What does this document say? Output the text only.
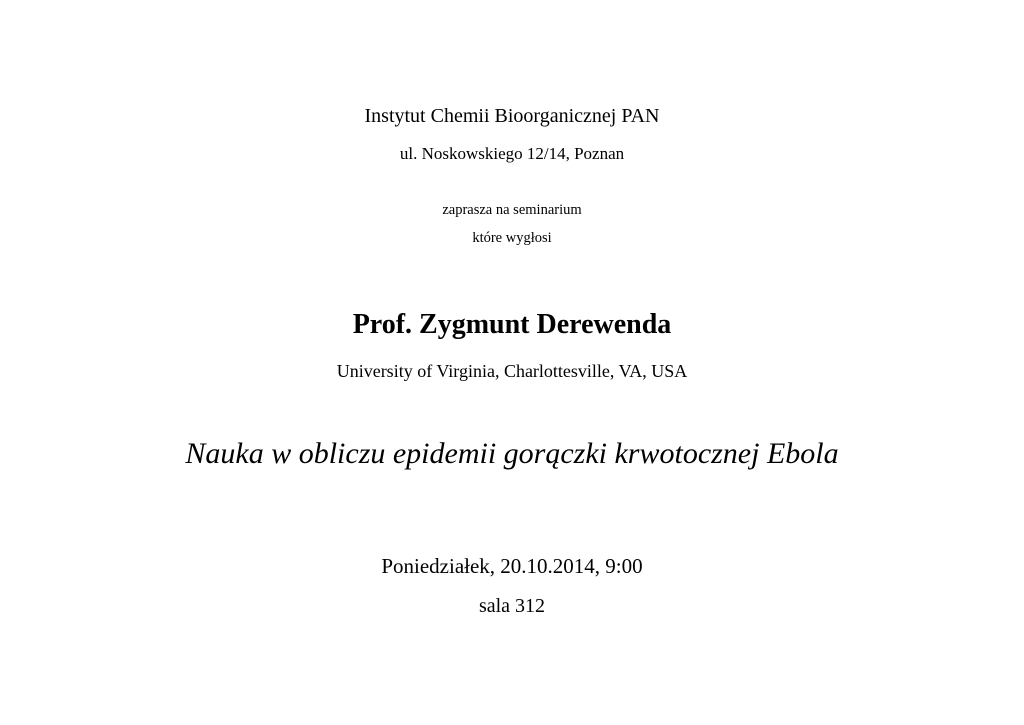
Instytut Chemii Bioorganicznej PAN
ul. Noskowskiego 12/14, Poznan
zaprasza na seminarium
które wygłosi
Prof. Zygmunt Derewenda
University of Virginia, Charlottesville, VA, USA
Nauka w obliczu epidemii gorączki krwotocznej Ebola
Poniedziałek, 20.10.2014, 9:00
sala 312
